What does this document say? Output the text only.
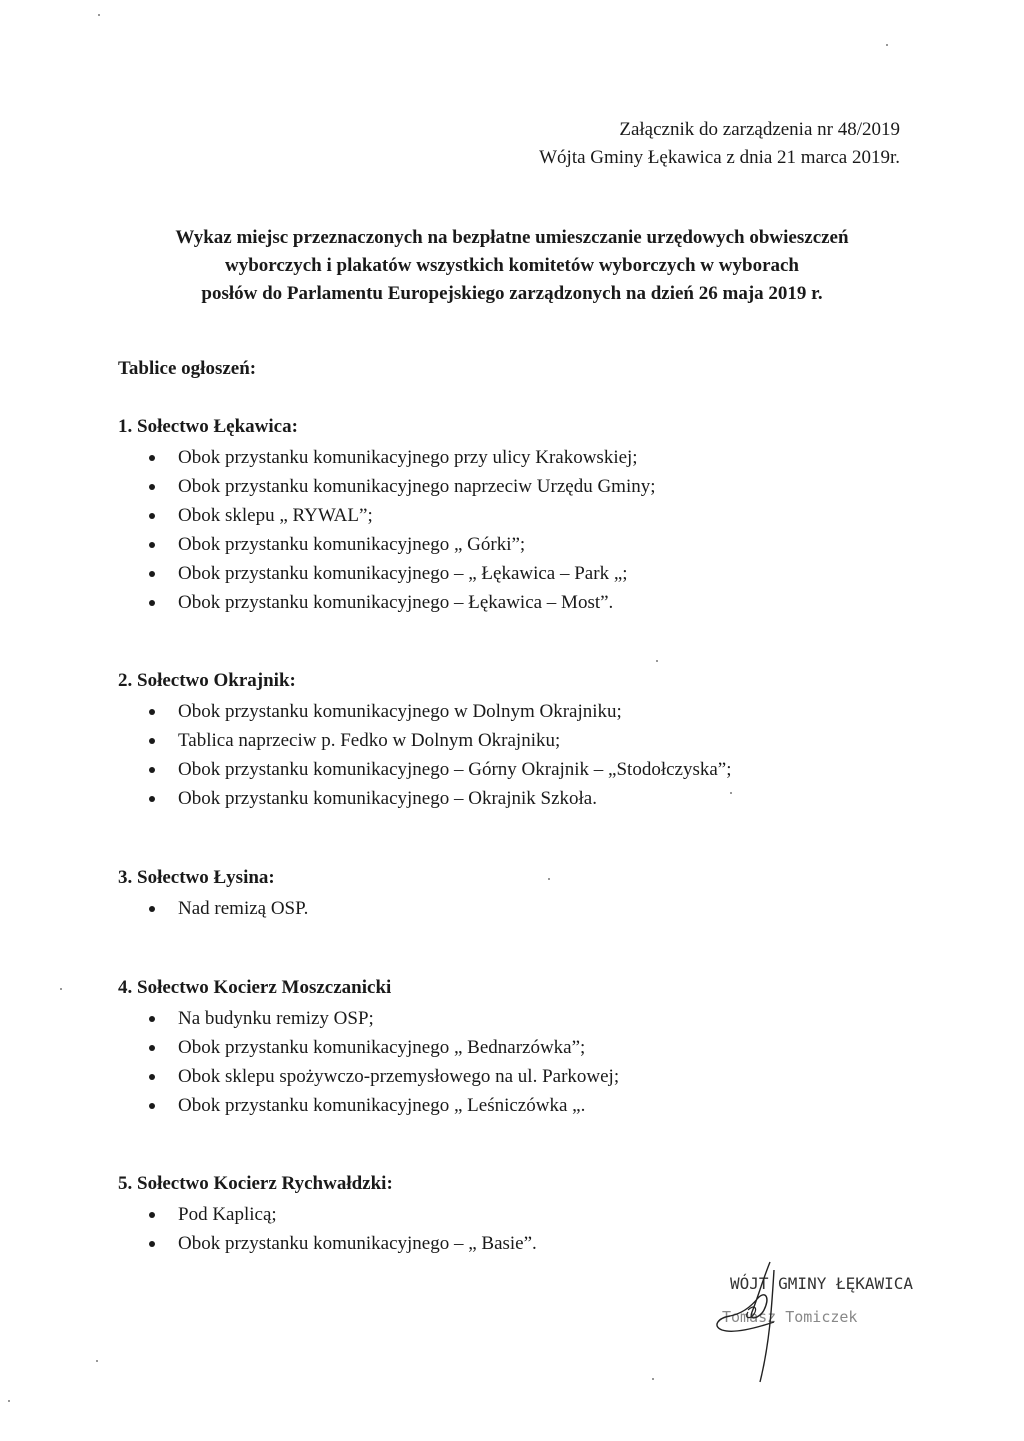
Załącznik do zarządzenia nr 48/2019
Wójta Gminy Łękawica z dnia 21 marca 2019r.
Wykaz miejsc przeznaczonych na bezpłatne umieszczanie urzędowych obwieszczeń
wyborczych i plakatów wszystkich komitetów wyborczych w wyborach
posłów do Parlamentu Europejskiego zarządzonych na dzień 26 maja 2019 r.
Tablice ogłoszeń:
1. Sołectwo Łękawica:
Obok przystanku komunikacyjnego przy ulicy Krakowskiej;
Obok przystanku komunikacyjnego naprzeciw Urzędu Gminy;
Obok sklepu „ RYWAL”;
Obok przystanku komunikacyjnego „ Górki”;
Obok przystanku komunikacyjnego – „ Łękawica – Park „;
Obok przystanku komunikacyjnego – Łękawica – Most”.
2. Sołectwo Okrajnik:
Obok przystanku komunikacyjnego w Dolnym Okrajniku;
Tablica naprzeciw p. Fedko w Dolnym Okrajniku;
Obok przystanku komunikacyjnego – Górny Okrajnik – „Stodołczyska”;
Obok przystanku komunikacyjnego – Okrajnik Szkoła.
3. Sołectwo Łysina:
Nad remizą OSP.
4. Sołectwo Kocierz Moszczanicki
Na budynku remizy OSP;
Obok przystanku komunikacyjnego „ Bednarzówka”;
Obok sklepu spożywczo-przemysłowego na ul. Parkowej;
Obok przystanku komunikacyjnego „ Leśniczówka „.
5. Sołectwo Kocierz Rychwałdzki:
Pod Kaplicą;
Obok przystanku komunikacyjnego – „ Basie”.
WÓJT GMINY ŁĘKAWICA
Tomasz Tomiczek
